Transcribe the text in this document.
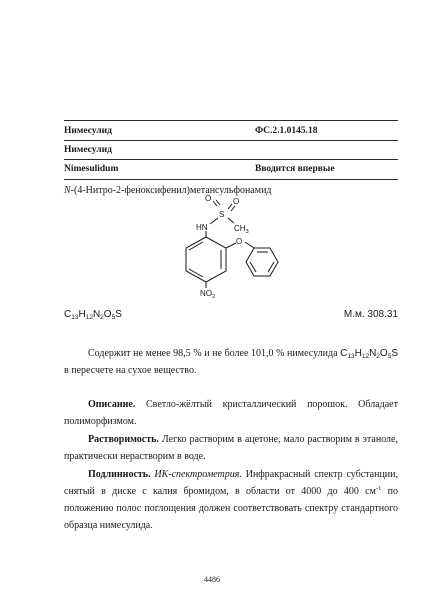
Нимесулид	ФС.2.1.0145.18
Нимесулид
Nimesulidum	Вводится впервые
N-(4-Нитро-2-феноксифенил)метансульфонамид
S
O	O
HN	$CH_3$
O
$NO_2$
$C_{13}H_{12}N_2O_5S$	М.м. 308.31
Содержит не менее 98,5 % и не более 101,0 % нимесулида $C_{13}H_{12}N_2O_5S$ в пересчете на сухое вещество.
Описание. Светло-жёлтый кристаллический порошок. Обладает полиморфизмом.
Растворимость. Легко растворим в ацетоне, мало растворим в этаноле, практически нерастворим в воде.
Подлинность. ИК-спектрометрия. Инфракрасный спектр субстанции, снятый в диске с калия бромидом, в области от 4000 до 400 $см^{-1}$ по положению полос поглощения должен соответствовать спектру стандартного образца нимесулида.
4486
